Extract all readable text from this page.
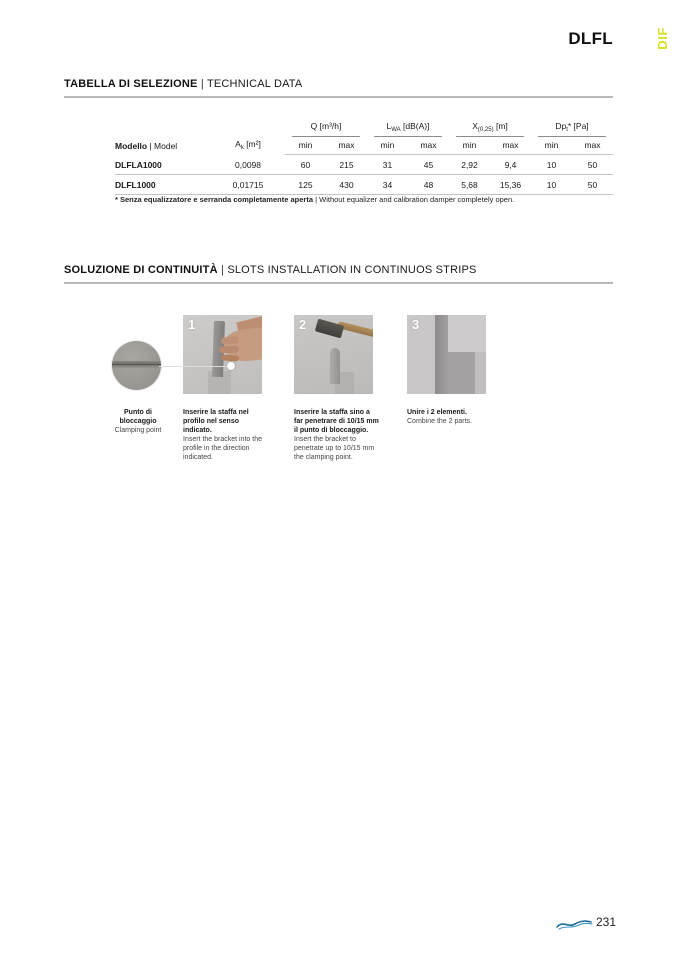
DLFL	DIF
TABELLA DI SELEZIONE | TECHNICAL DATA
Modello | Model	$A_k$ [m²]	Q [m³/h]		$L_{WA}$ [dB(A)]		$X_{(0,25)}$ [m]		$Dp_t*$ [Pa]	

		min	max	min	max	min	max	min	max
DLFLA1000	0,0098	60	215	31	45	2,92	9,4	10	50
DLFL1000	0,01715	125	430	34	48	5,68	15,36	10	50
* Senza equalizzatore e serranda completamente aperta | Without equalizer and calibration damper completely open.
SOLUZIONE DI CONTINUITÀ | SLOTS INSTALLATION IN CONTINUOS STRIPS
1	2	3
Punto di bloccaggio
Clamping point
Inserire la staffa nel profilo nel senso indicato.
Insert the bracket into the profile in the direction indicated.
Inserire la staffa sino a far penetrare di 10/15 mm il punto di bloccaggio.
Insert the bracket to penetrate up to 10/15 mm the clamping point.
Unire i 2 elementi.
Combine the 2 parts.
231
